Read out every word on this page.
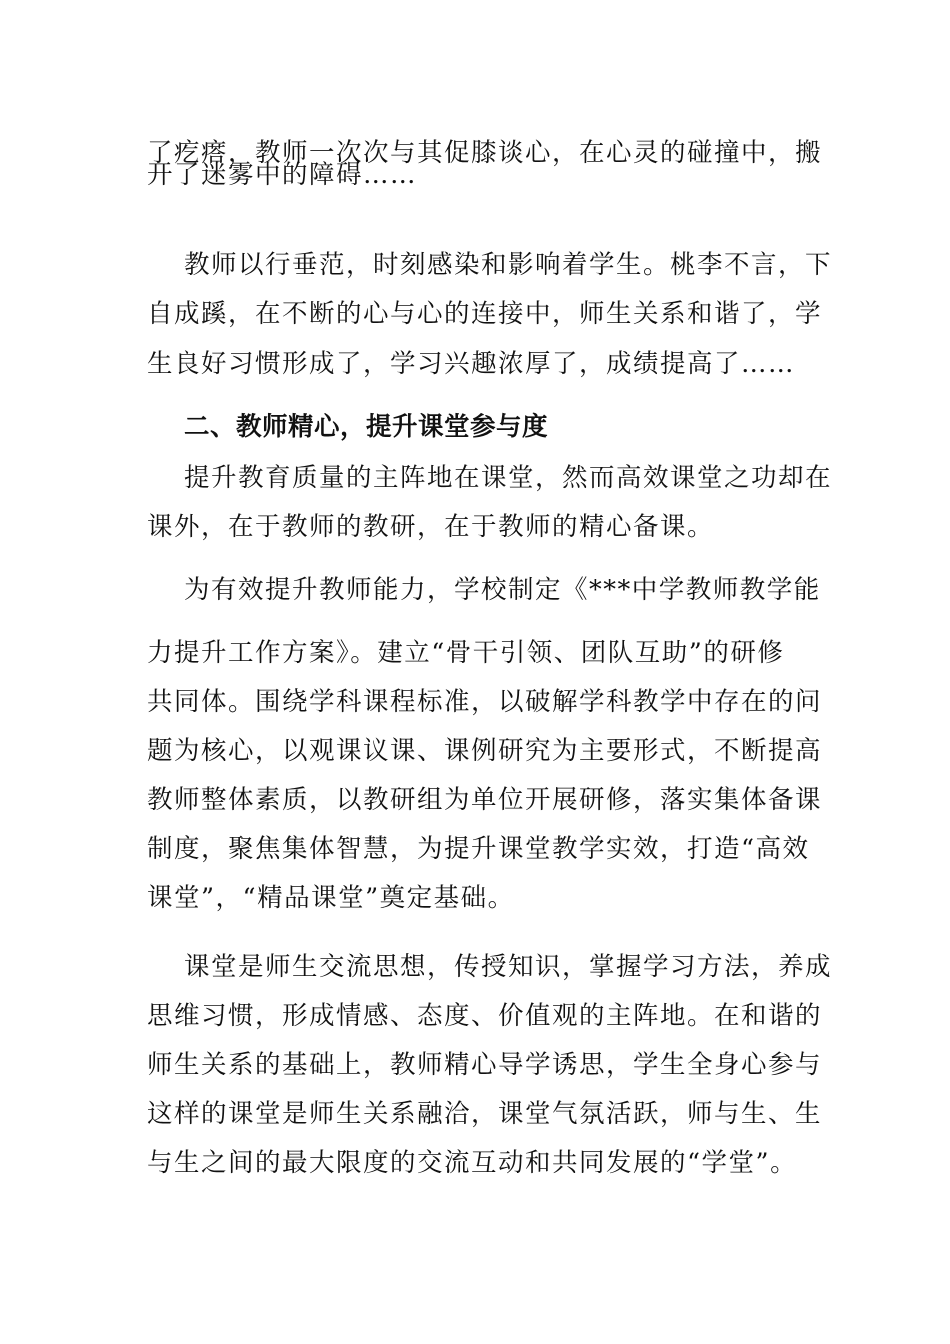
了疙瘩，教师一次次与其促膝谈心，在心灵的碰撞中，搬
开了迷雾中的障碍……
教师以行垂范，时刻感染和影响着学生。桃李不言，下
自成蹊，在不断的心与心的连接中，师生关系和谐了，学
生良好习惯形成了，学习兴趣浓厚了，成绩提高了……
二、教师精心，提升课堂参与度
提升教育质量的主阵地在课堂，然而高效课堂之功却在
课外，在于教师的教研，在于教师的精心备课。
为有效提升教师能力，学校制定《***中学教师教学能
力提升工作方案》。建立“骨干引领、团队互助”的研修
共同体。围绕学科课程标准，以破解学科教学中存在的问
题为核心，以观课议课、课例研究为主要形式，不断提高
教师整体素质，以教研组为单位开展研修，落实集体备课
制度，聚焦集体智慧，为提升课堂教学实效，打造“高效
课堂”，“精品课堂”奠定基础。
课堂是师生交流思想，传授知识，掌握学习方法，养成
思维习惯，形成情感、态度、价值观的主阵地。在和谐的
师生关系的基础上，教师精心导学诱思，学生全身心参与
这样的课堂是师生关系融洽，课堂气氛活跃，师与生、生
与生之间的最大限度的交流互动和共同发展的“学堂”。
